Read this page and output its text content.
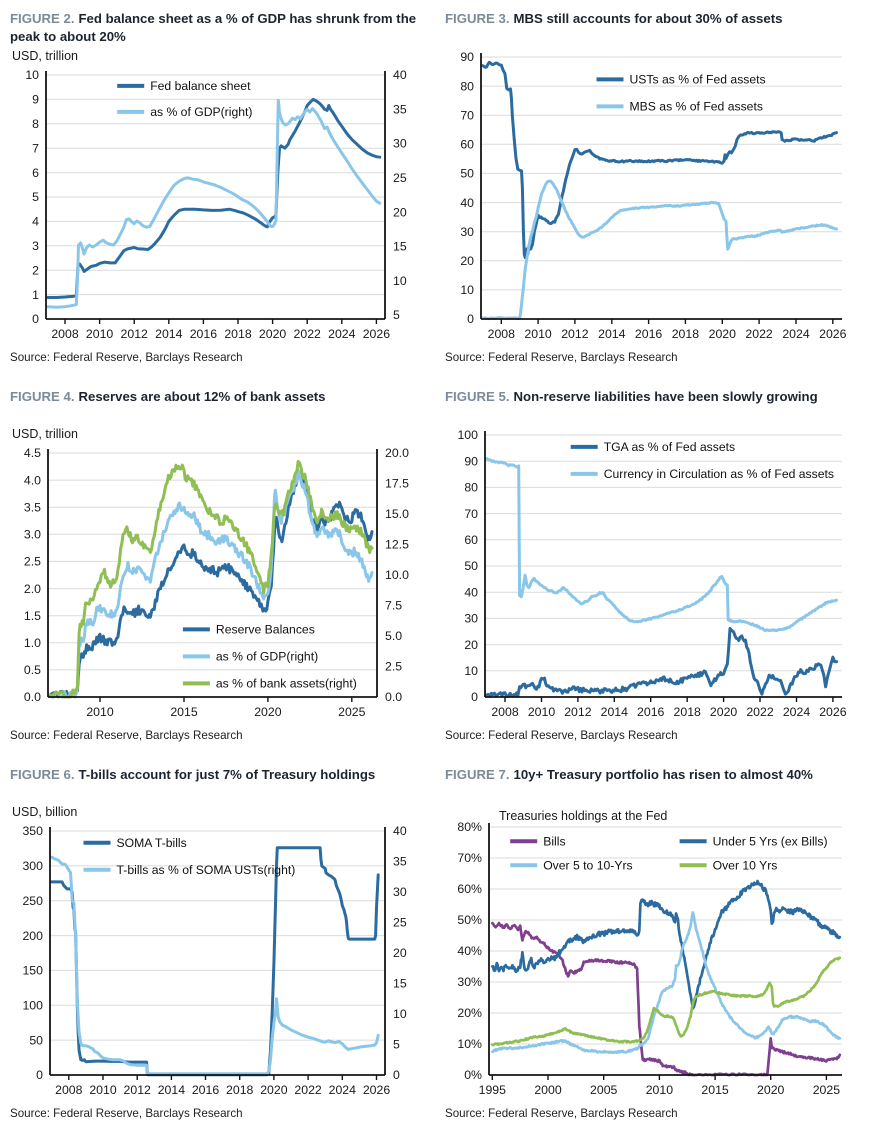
FIGURE 2. Fed balance sheet as a % of GDP has shrunk from the peak to about 20%
USD, trillion
0
1
2
3
4
5
6
7
8
9
10
5
10
15
20
25
30
35
40
2008 2010 2012 2014 2016 2018 2020 2022 2024 2026
Fed balance sheet
as % of GDP(right)
Source: Federal Reserve, Barclays Research
FIGURE 3. MBS still accounts for about 30% of assets
0
10
20
30
40
50
60
70
80
90
2008 2010 2012 2014 2016 2018 2020 2022 2024 2026
USTs as % of Fed assets
MBS as % of Fed assets
Source: Federal Reserve, Barclays Research
FIGURE 4. Reserves are about 12% of bank assets
USD, trillion
0.0
0.5
1.0
1.5
2.0
2.5
3.0
3.5
4.0
4.5
0.0
2.5
5.0
7.5
10.0
12.5
15.0
17.5
20.0
2010	2015	2020	2025
Reserve Balances
as % of GDP(right)
as % of bank assets(right)
Source: Federal Reserve, Barclays Research
FIGURE 5. Non-reserve liabilities have been slowly growing
0
10
20
30
40
50
60
70
80
90
100
2008 2010 2012 2014 2016 2018 2020 2022 2024 2026
TGA as % of Fed assets
Currency in Circulation as % of Fed assets
Source: Federal Reserve, Barclays Research
FIGURE 6. T-bills account for just 7% of Treasury holdings
USD, billion
0
50
100
150
200
250
300
350
0
5
10
15
20
25
30
35
40
2008 2010 2012 2014 2016 2018 2020 2022 2024 2026
SOMA T-bills
T-bills as % of SOMA USTs(right)
Source: Federal Reserve, Barclays Research
FIGURE 7. 10y+ Treasury portfolio has risen to almost 40%
0%
10%
20%
30%
40%
50%
60%
70%
80%
1995 2000 2005 2010 2015 2020 2025
Bills	Under 5 Yrs (ex Bills)
Over 5 to 10-Yrs	Over 10 Yrs
Treasuries holdings at the Fed
Source: Federal Reserve, Barclays Research
